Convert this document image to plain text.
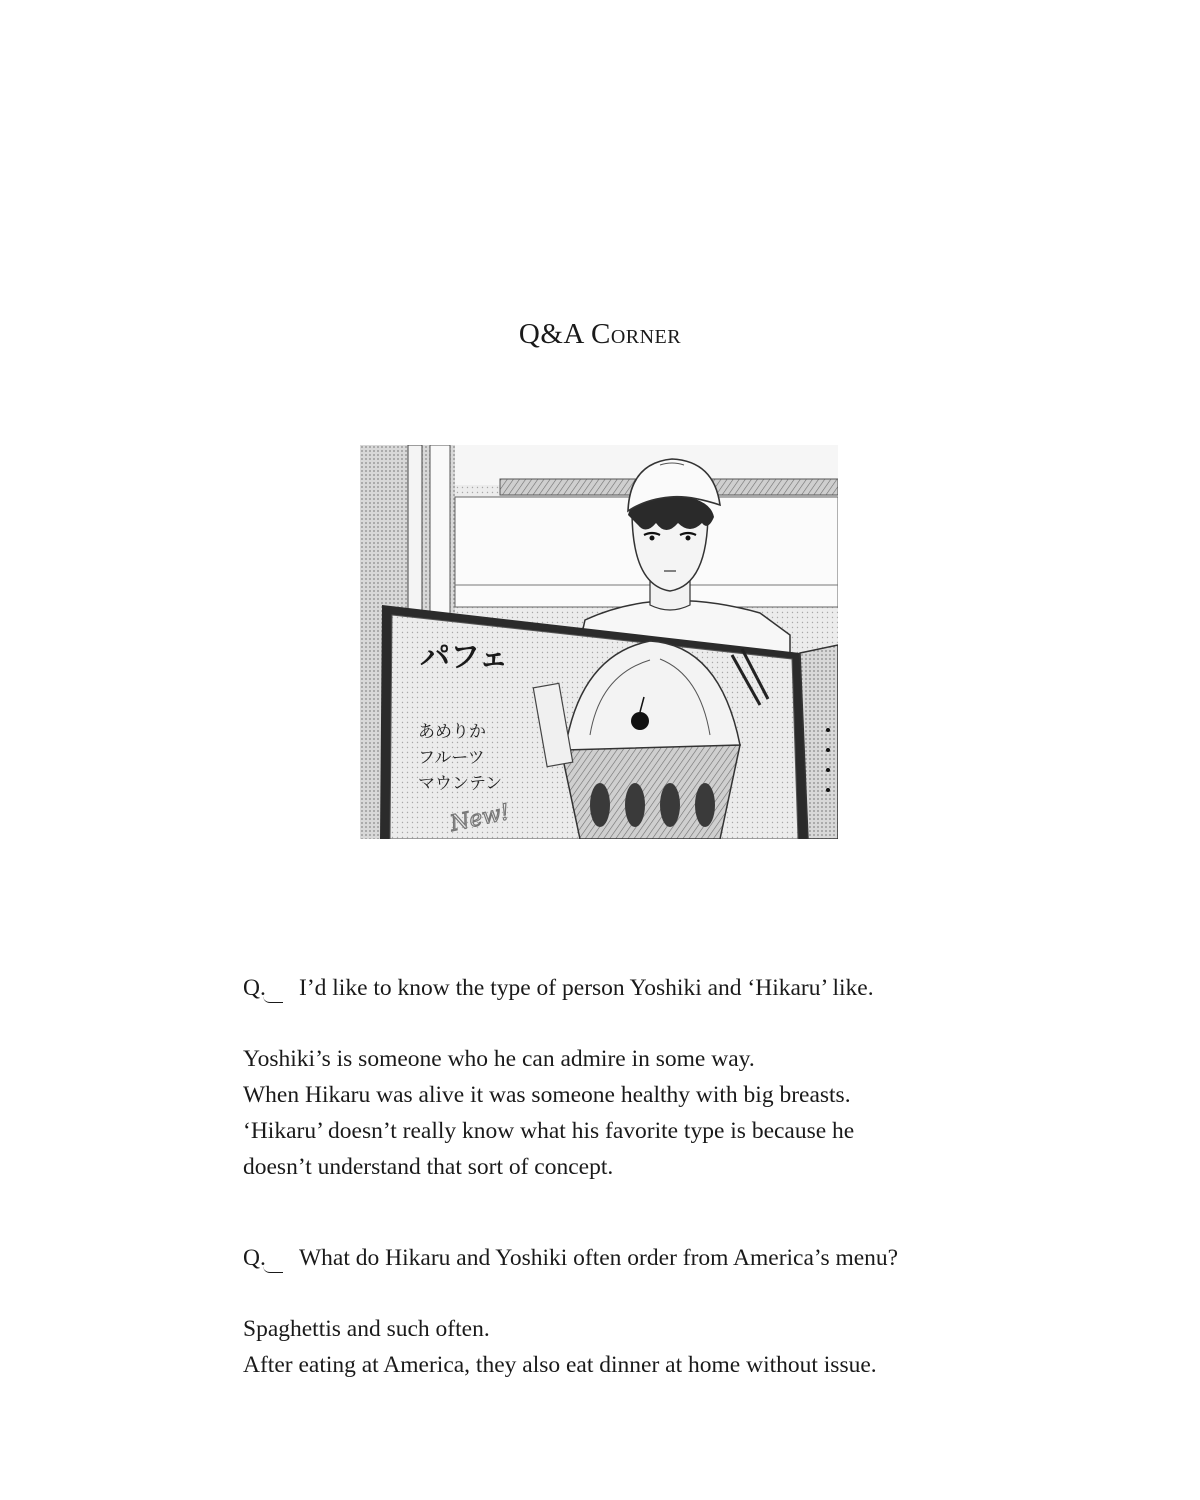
Q&A Corner
パフェ
あめりか
フルーツ
マウンテン
New!
Q.	I’d like to know the type of person Yoshiki and ‘Hikaru’ like.
Yoshiki’s is someone who he can admire in some way.
When Hikaru was alive it was someone healthy with big breasts.
‘Hikaru’ doesn’t really know what his favorite type is because he
doesn’t understand that sort of concept.
Q.	What do Hikaru and Yoshiki often order from America’s menu?
Spaghettis and such often.
After eating at America, they also eat dinner at home without issue.
